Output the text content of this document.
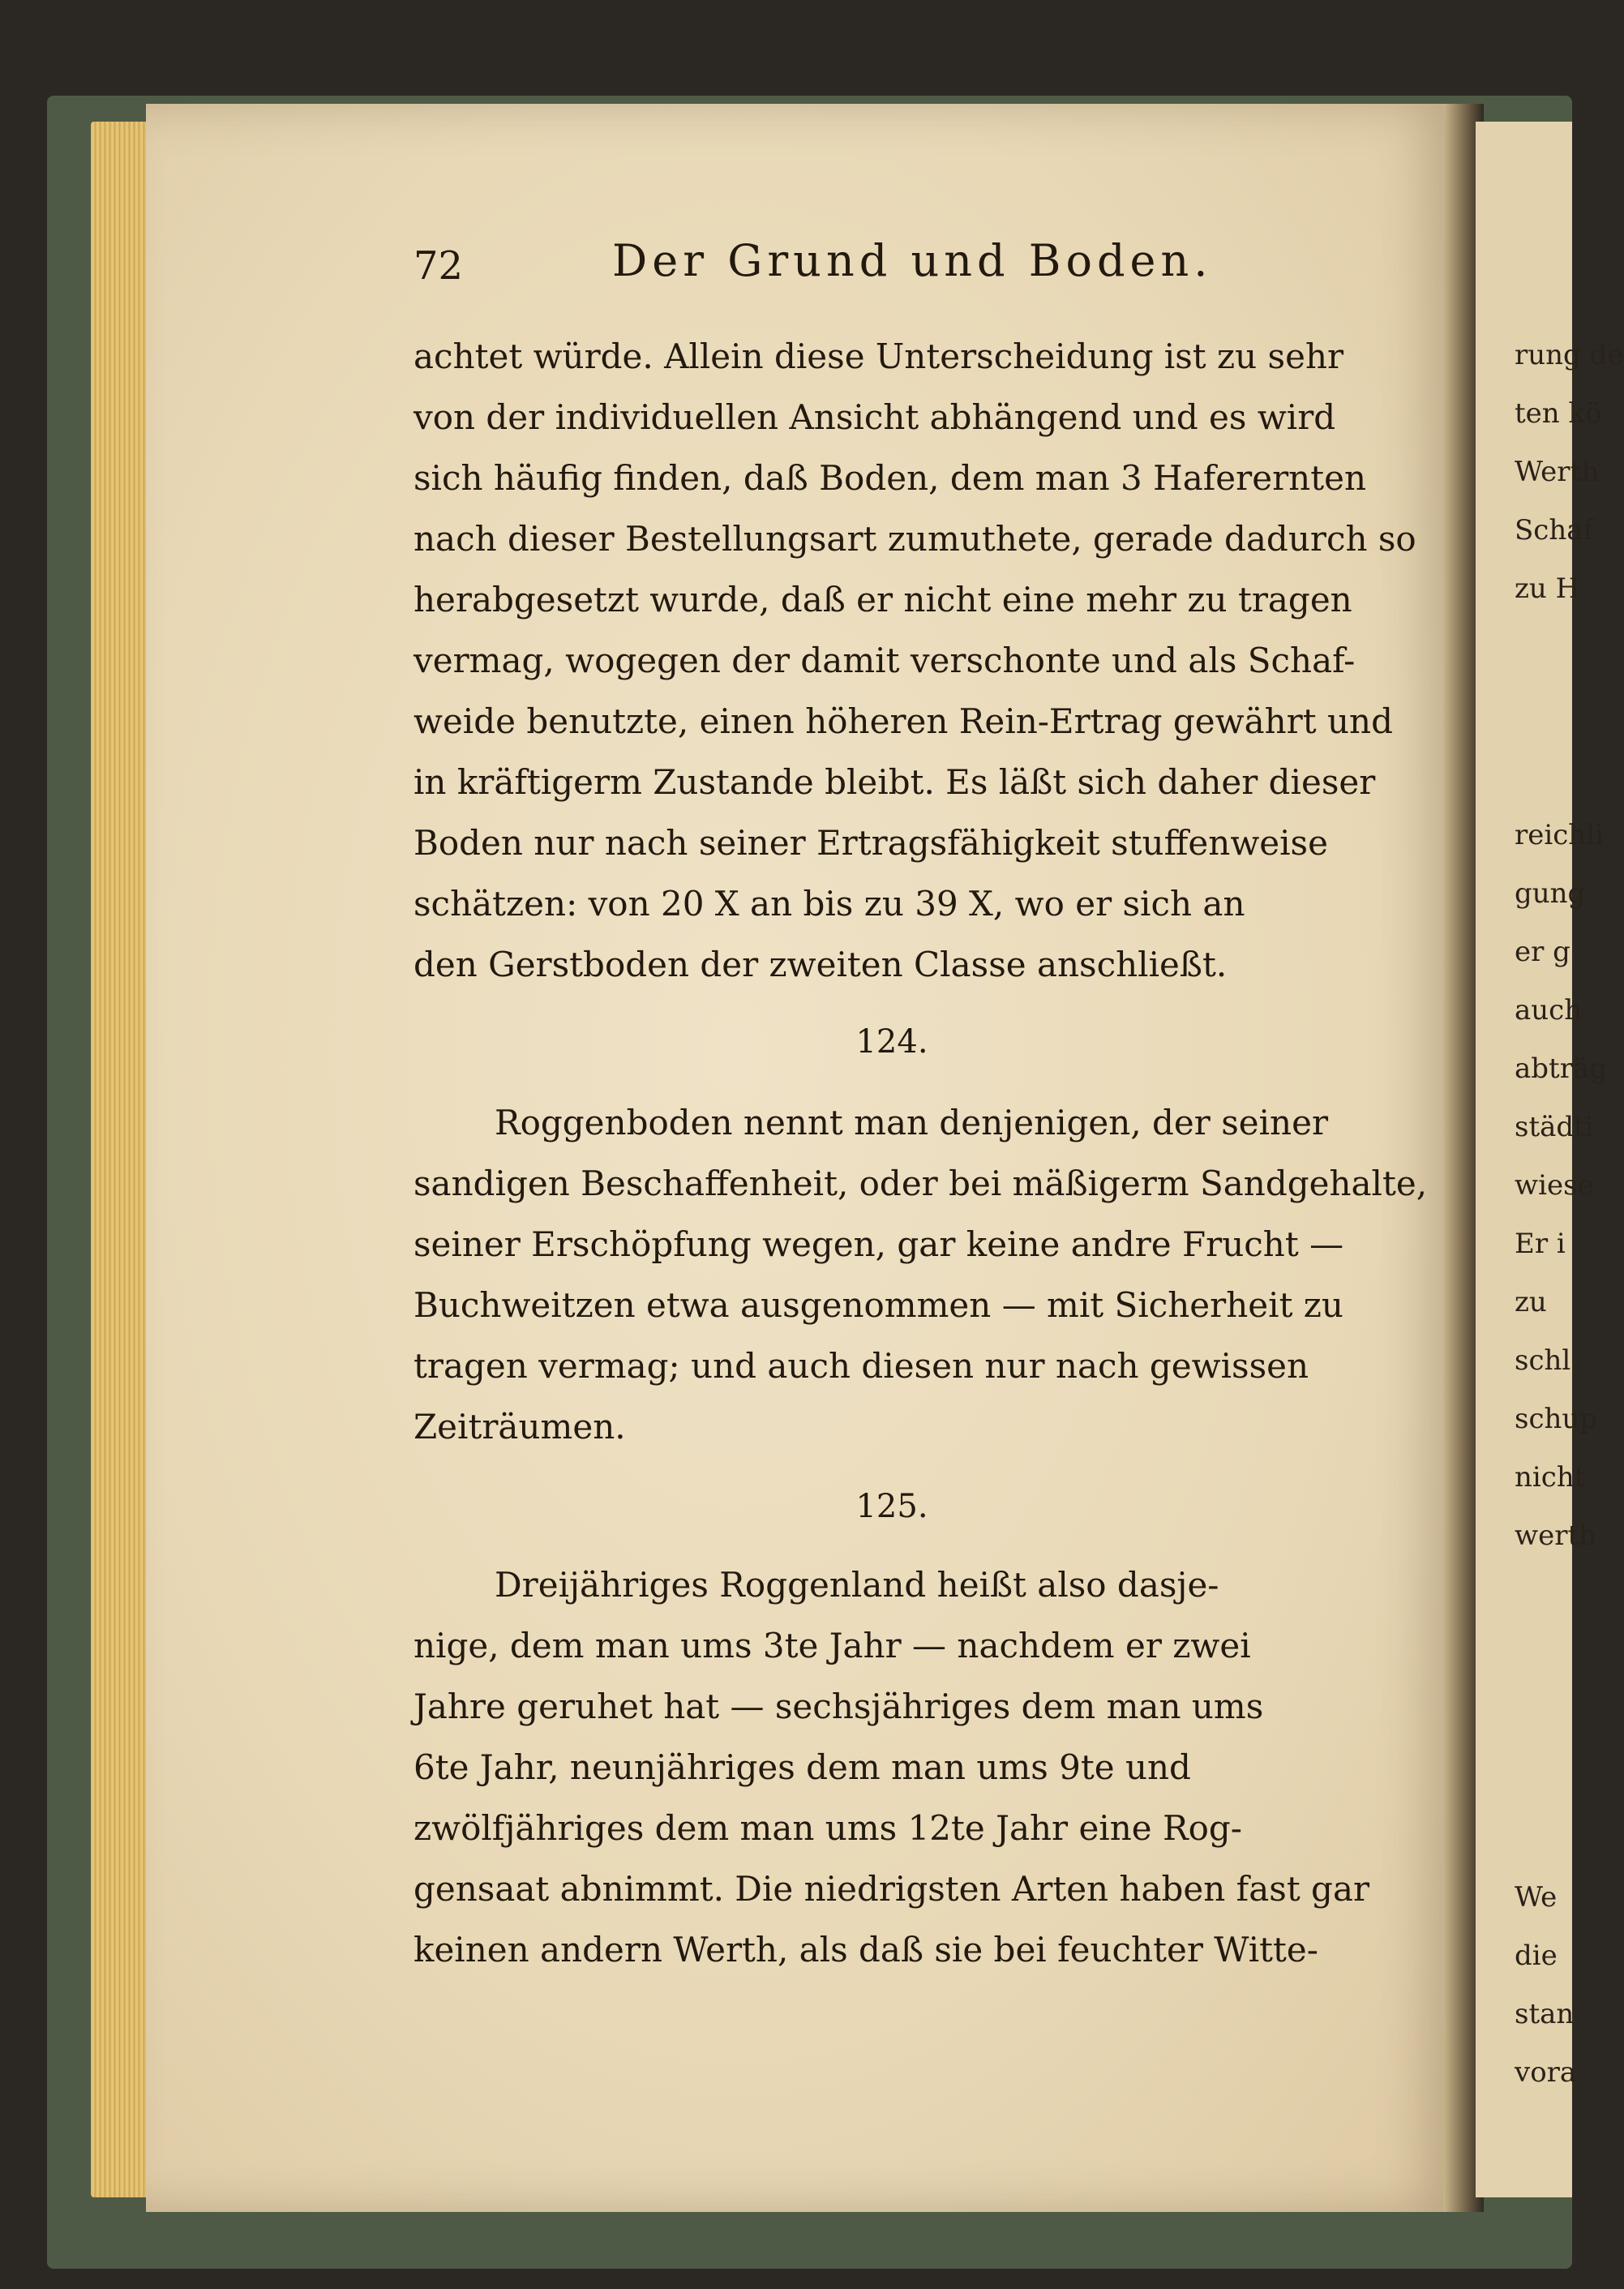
rung de
ten kö
Werth
Schaf
zu H
reichli
gung
er g
auch
abträg
städti
wiese
Er i
zu
schl
schup
nicht
werth
We
die
stan
vora
72	Der Grund und Boden.
achtet würde. Allein diese Unterscheidung ist zu sehr
von der individuellen Ansicht abhängend und es wird
sich häufig finden, daß Boden, dem man 3 Haferernten
nach dieser Bestellungsart zumuthete, gerade dadurch so
herabgesetzt wurde, daß er nicht eine mehr zu tragen
vermag, wogegen der damit verschonte und als Schaf-
weide benutzte, einen höheren Rein-Ertrag gewährt und
in kräftigerm Zustande bleibt. Es läßt sich daher dieser
Boden nur nach seiner Ertragsfähigkeit stuffenweise
schätzen: von 20 X an bis zu 39 X, wo er sich an
den Gerstboden der zweiten Classe anschließt.
124.
Roggenboden nennt man denjenigen, der seiner
sandigen Beschaffenheit, oder bei mäßigerm Sandgehalte,
seiner Erschöpfung wegen, gar keine andre Frucht —
Buchweitzen etwa ausgenommen — mit Sicherheit zu
tragen vermag; und auch diesen nur nach gewissen
Zeiträumen.
125.
Dreijähriges Roggenland heißt also dasje-
nige, dem man ums 3te Jahr — nachdem er zwei
Jahre geruhet hat — sechsjähriges dem man ums
6te Jahr, neunjähriges dem man ums 9te und
zwölfjähriges dem man ums 12te Jahr eine Rog-
gensaat abnimmt. Die niedrigsten Arten haben fast gar
keinen andern Werth, als daß sie bei feuchter Witte-
